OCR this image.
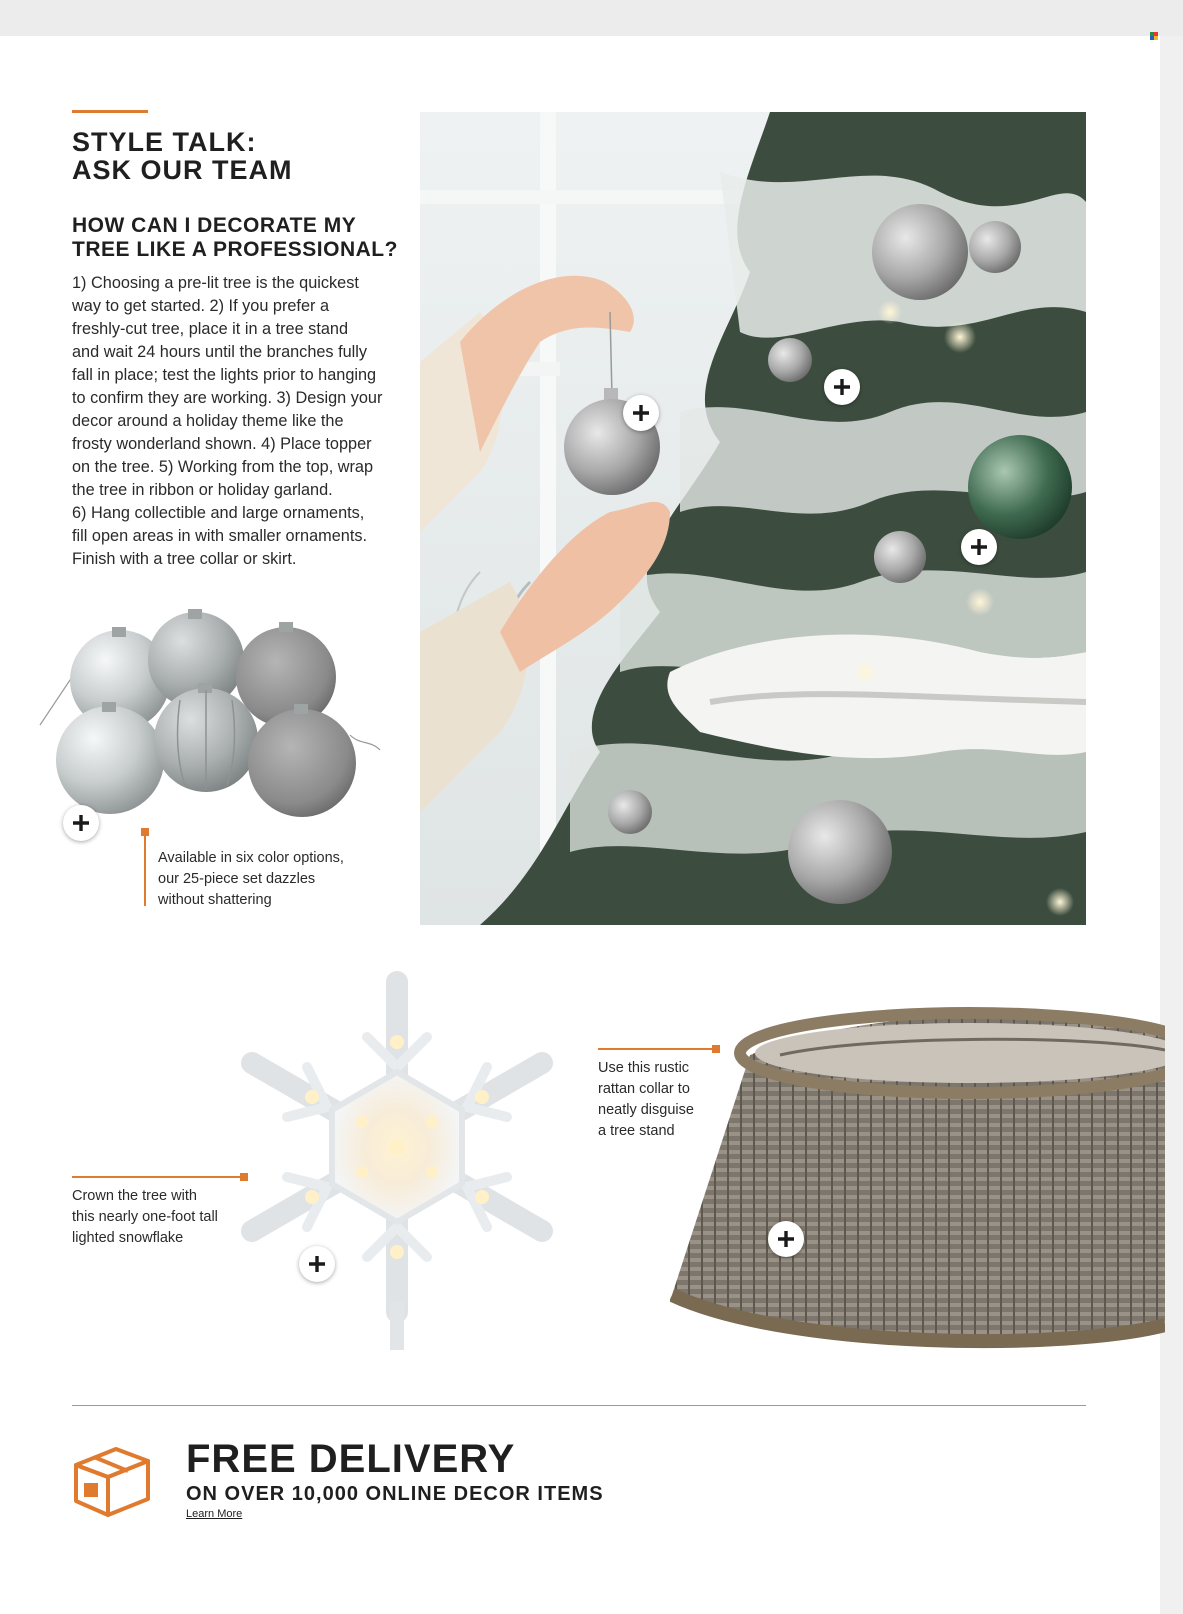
STYLE TALK:
ASK OUR TEAM
HOW CAN I DECORATE MY
TREE LIKE A PROFESSIONAL?
1) Choosing a pre-lit tree is the quickest
way to get started. 2) If you prefer a
freshly-cut tree, place it in a tree stand
and wait 24 hours until the branches fully
fall in place; test the lights prior to hanging
to confirm they are working. 3) Design your
decor around a holiday theme like the
frosty wonderland shown. 4) Place topper
on the tree. 5) Working from the top, wrap
the tree in ribbon or holiday garland.
6) Hang collectible and large ornaments,
fill open areas in with smaller ornaments.
Finish with a tree collar or skirt.
Available in six color options,
our 25-piece set dazzles
without shattering
Crown the tree with
this nearly one-foot tall
lighted snowflake
Use this rustic
rattan collar to
neatly disguise
a tree stand
FREE DELIVERY
ON OVER 10,000 ONLINE DECOR ITEMS
Learn More
